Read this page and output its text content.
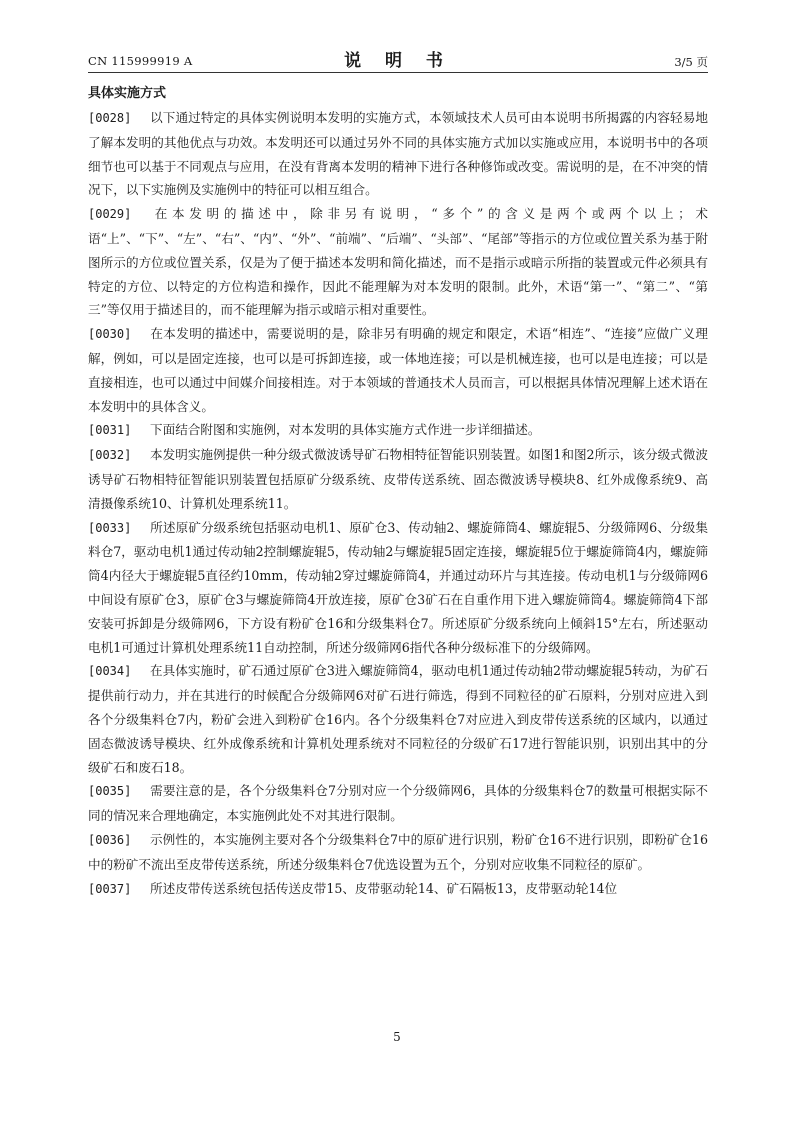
CN 115999919 A	说 明 书	3/5 页
具体实施方式

[0028] 以下通过特定的具体实例说明本发明的实施方式，本领域技术人员可由本说明书所揭露的内容轻易地了解本发明的其他优点与功效。本发明还可以通过另外不同的具体实施方式加以实施或应用，本说明书中的各项细节也可以基于不同观点与应用，在没有背离本发明的精神下进行各种修饰或改变。需说明的是，在不冲突的情况下，以下实施例及实施例中的特征可以相互组合。

[0029] 在本发明的描述中，除非另有说明，“多个”的含义是两个或两个以上；术语“上”、“下”、“左”、“右”、“内”、“外”、“前端”、“后端”、“头部”、“尾部”等指示的方位或位置关系为基于附图所示的方位或位置关系，仅是为了便于描述本发明和简化描述，而不是指示或暗示所指的装置或元件必须具有特定的方位、以特定的方位构造和操作，因此不能理解为对本发明的限制。此外，术语“第一”、“第二”、“第三”等仅用于描述目的，而不能理解为指示或暗示相对重要性。

[0030] 在本发明的描述中，需要说明的是，除非另有明确的规定和限定，术语“相连”、“连接”应做广义理解，例如，可以是固定连接，也可以是可拆卸连接，或一体地连接；可以是机械连接，也可以是电连接；可以是直接相连，也可以通过中间媒介间接相连。对于本领域的普通技术人员而言，可以根据具体情况理解上述术语在本发明中的具体含义。

[0031] 下面结合附图和实施例，对本发明的具体实施方式作进一步详细描述。

[0032] 本发明实施例提供一种分级式微波诱导矿石物相特征智能识别装置。如图1和图2所示，该分级式微波诱导矿石物相特征智能识别装置包括原矿分级系统、皮带传送系统、固态微波诱导模块8、红外成像系统9、高清摄像系统10、计算机处理系统11。

[0033] 所述原矿分级系统包括驱动电机1、原矿仓3、传动轴2、螺旋筛筒4、螺旋辊5、分级筛网6、分级集料仓7，驱动电机1通过传动轴2控制螺旋辊5，传动轴2与螺旋辊5固定连接，螺旋辊5位于螺旋筛筒4内，螺旋筛筒4内径大于螺旋辊5直径约10mm，传动轴2穿过螺旋筛筒4，并通过动环片与其连接。传动电机1与分级筛网6中间设有原矿仓3，原矿仓3与螺旋筛筒4开放连接，原矿仓3矿石在自重作用下进入螺旋筛筒4。螺旋筛筒4下部安装可拆卸是分级筛网6，下方设有粉矿仓16和分级集料仓7。所述原矿分级系统向上倾斜15°左右，所述驱动电机1可通过计算机处理系统11自动控制，所述分级筛网6指代各种分级标准下的分级筛网。

[0034] 在具体实施时，矿石通过原矿仓3进入螺旋筛筒4，驱动电机1通过传动轴2带动螺旋辊5转动，为矿石提供前行动力，并在其进行的时候配合分级筛网6对矿石进行筛选，得到不同粒径的矿石原料，分别对应进入到各个分级集料仓7内，粉矿会进入到粉矿仓16内。各个分级集料仓7对应进入到皮带传送系统的区域内，以通过固态微波诱导模块、红外成像系统和计算机处理系统对不同粒径的分级矿石17进行智能识别，识别出其中的分级矿石和废石18。

[0035] 需要注意的是，各个分级集料仓7分别对应一个分级筛网6，具体的分级集料仓7的数量可根据实际不同的情况来合理地确定，本实施例此处不对其进行限制。

[0036] 示例性的，本实施例主要对各个分级集料仓7中的原矿进行识别，粉矿仓16不进行识别，即粉矿仓16中的粉矿不流出至皮带传送系统，所述分级集料仓7优选设置为五个，分别对应收集不同粒径的原矿。

[0037] 所述皮带传送系统包括传送皮带15、皮带驱动轮14、矿石隔板13，皮带驱动轮14位

5
